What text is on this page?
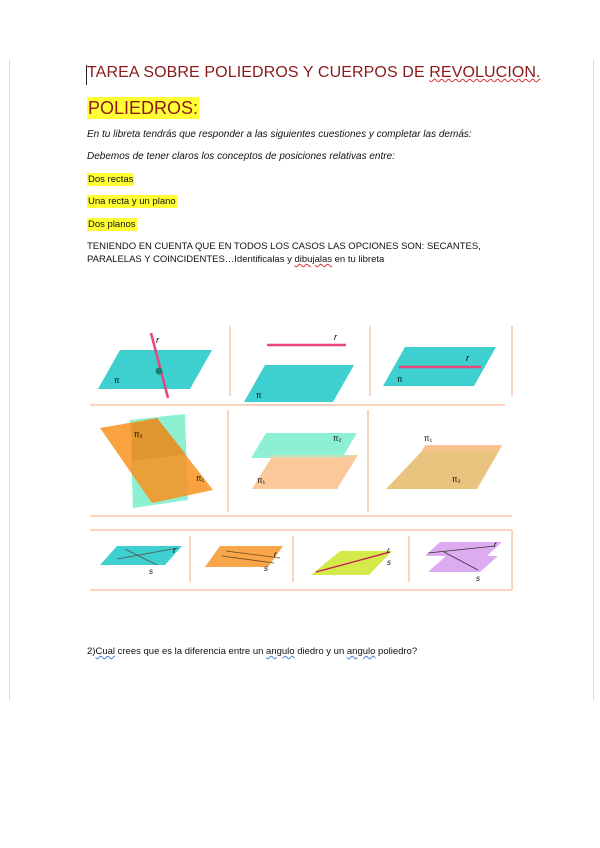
TAREA SOBRE POLIEDROS Y CUERPOS DE REVOLUCION.
POLIEDROS:
En tu libreta tendrás que responder a las siguientes cuestiones y completar las demás:
Debemos de tener claros los conceptos de posiciones relativas entre:
Dos rectas
Una recta y un plano
Dos planos
TENIENDO EN CUENTA QUE EN TODOS LOS CASOS LAS OPCIONES SON: SECANTES, PARALELAS Y COINCIDENTES…Identificalas y dibujalas en tu libreta
r
π
r
π
r
π
π₂
π₁
π₂
π₁
π₁
π₂
r
s
r
s
r
s
r
s
2)Cual crees que es la diferencia entre un angulo diedro y un angulo poliedro?
